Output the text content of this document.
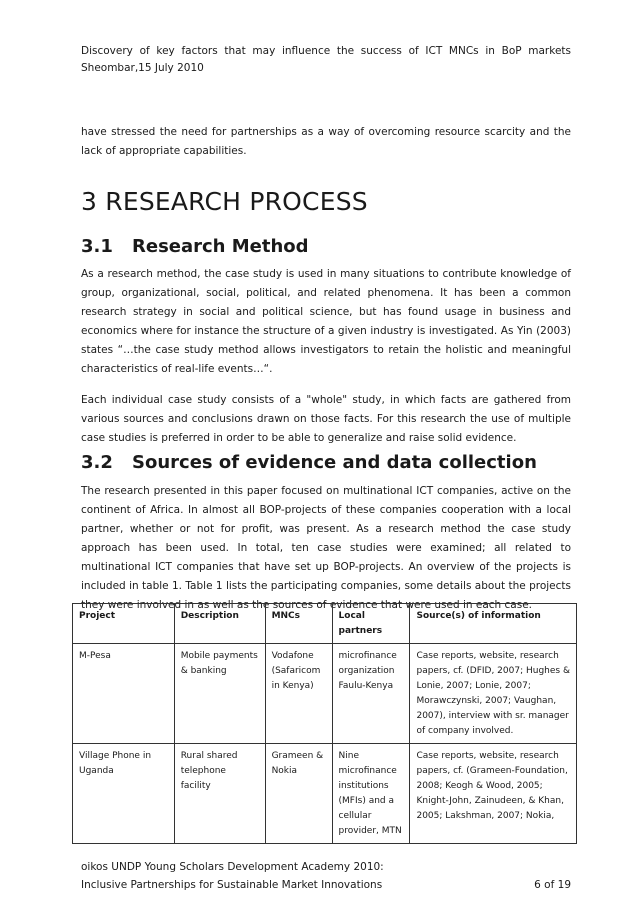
Discovery of key factors that may influence the success of ICT MNCs in BoP markets Sheombar,15 July 2010

have stressed the need for partnerships as a way of overcoming resource scarcity and the lack of appropriate capabilities.

3 RESEARCH PROCESS
3.1 Research Method

As a research method, the case study is used in many situations to contribute knowledge of group, organizational, social, political, and related phenomena. It has been a common research strategy in social and political science, but has found usage in business and economics where for instance the structure of a given industry is investigated. As Yin (2003) states “…the case study method allows investigators to retain the holistic and meaningful characteristics of real-life events…“.

Each individual case study consists of a "whole" study, in which facts are gathered from various sources and conclusions drawn on those facts. For this research the use of multiple case studies is preferred in order to be able to generalize and raise solid evidence.

3.2 Sources of evidence and data collection

The research presented in this paper focused on multinational ICT companies, active on the continent of Africa. In almost all BOP-projects of these companies cooperation with a local partner, whether or not for profit, was present. As a research method the case study approach has been used. In total, ten case studies were examined; all related to multinational ICT companies that have set up BOP-projects. An overview of the projects is included in table 1. Table 1 lists the participating companies, some details about the projects they were involved in as well as the sources of evidence that were used in each case.

Project	Description	MNCs	Local partners	Source(s) of information
M-Pesa	Mobile payments & banking	Vodafone (Safaricom in Kenya)	microfinance organization Faulu-Kenya	Case reports, website, research papers, cf. (DFID, 2007; Hughes & Lonie, 2007; Lonie, 2007; Morawczynski, 2007; Vaughan, 2007), interview with sr. manager of company involved.
Village Phone in Uganda	Rural shared telephone facility	Grameen & Nokia	Nine microfinance institutions (MFIs) and a cellular provider, MTN	Case reports, website, research papers, cf. (Grameen-Foundation, 2008; Keogh & Wood, 2005; Knight-John, Zainudeen, & Khan, 2005; Lakshman, 2007; Nokia,
oikos UNDP Young Scholars Development Academy 2010:
Inclusive Partnerships for Sustainable Market Innovations	6 of 19
